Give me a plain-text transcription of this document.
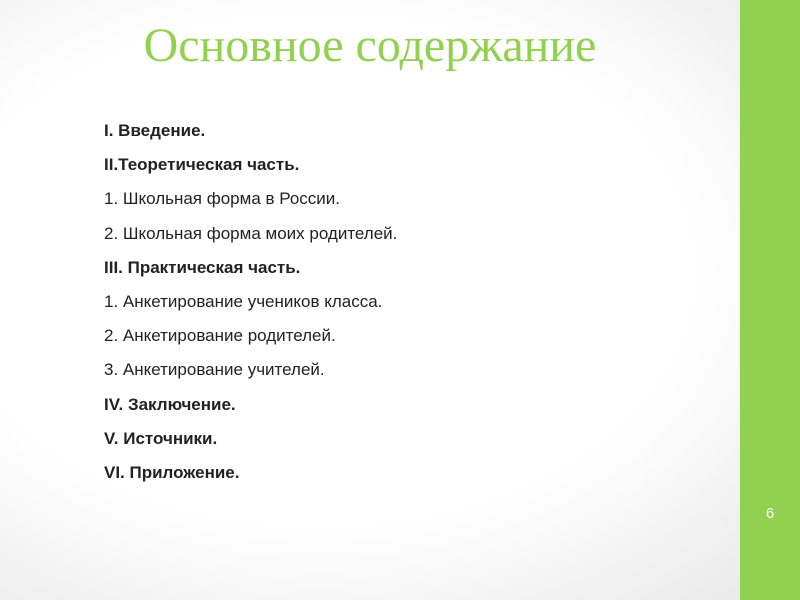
Основное содержание
I. Введение.
II.Теоретическая часть.
1. Школьная форма в России.
2. Школьная форма моих родителей.
III. Практическая часть.
1. Анкетирование учеников класса.
2. Анкетирование родителей.
3. Анкетирование учителей.
IV. Заключение.
V. Источники.
VI. Приложение.
6
